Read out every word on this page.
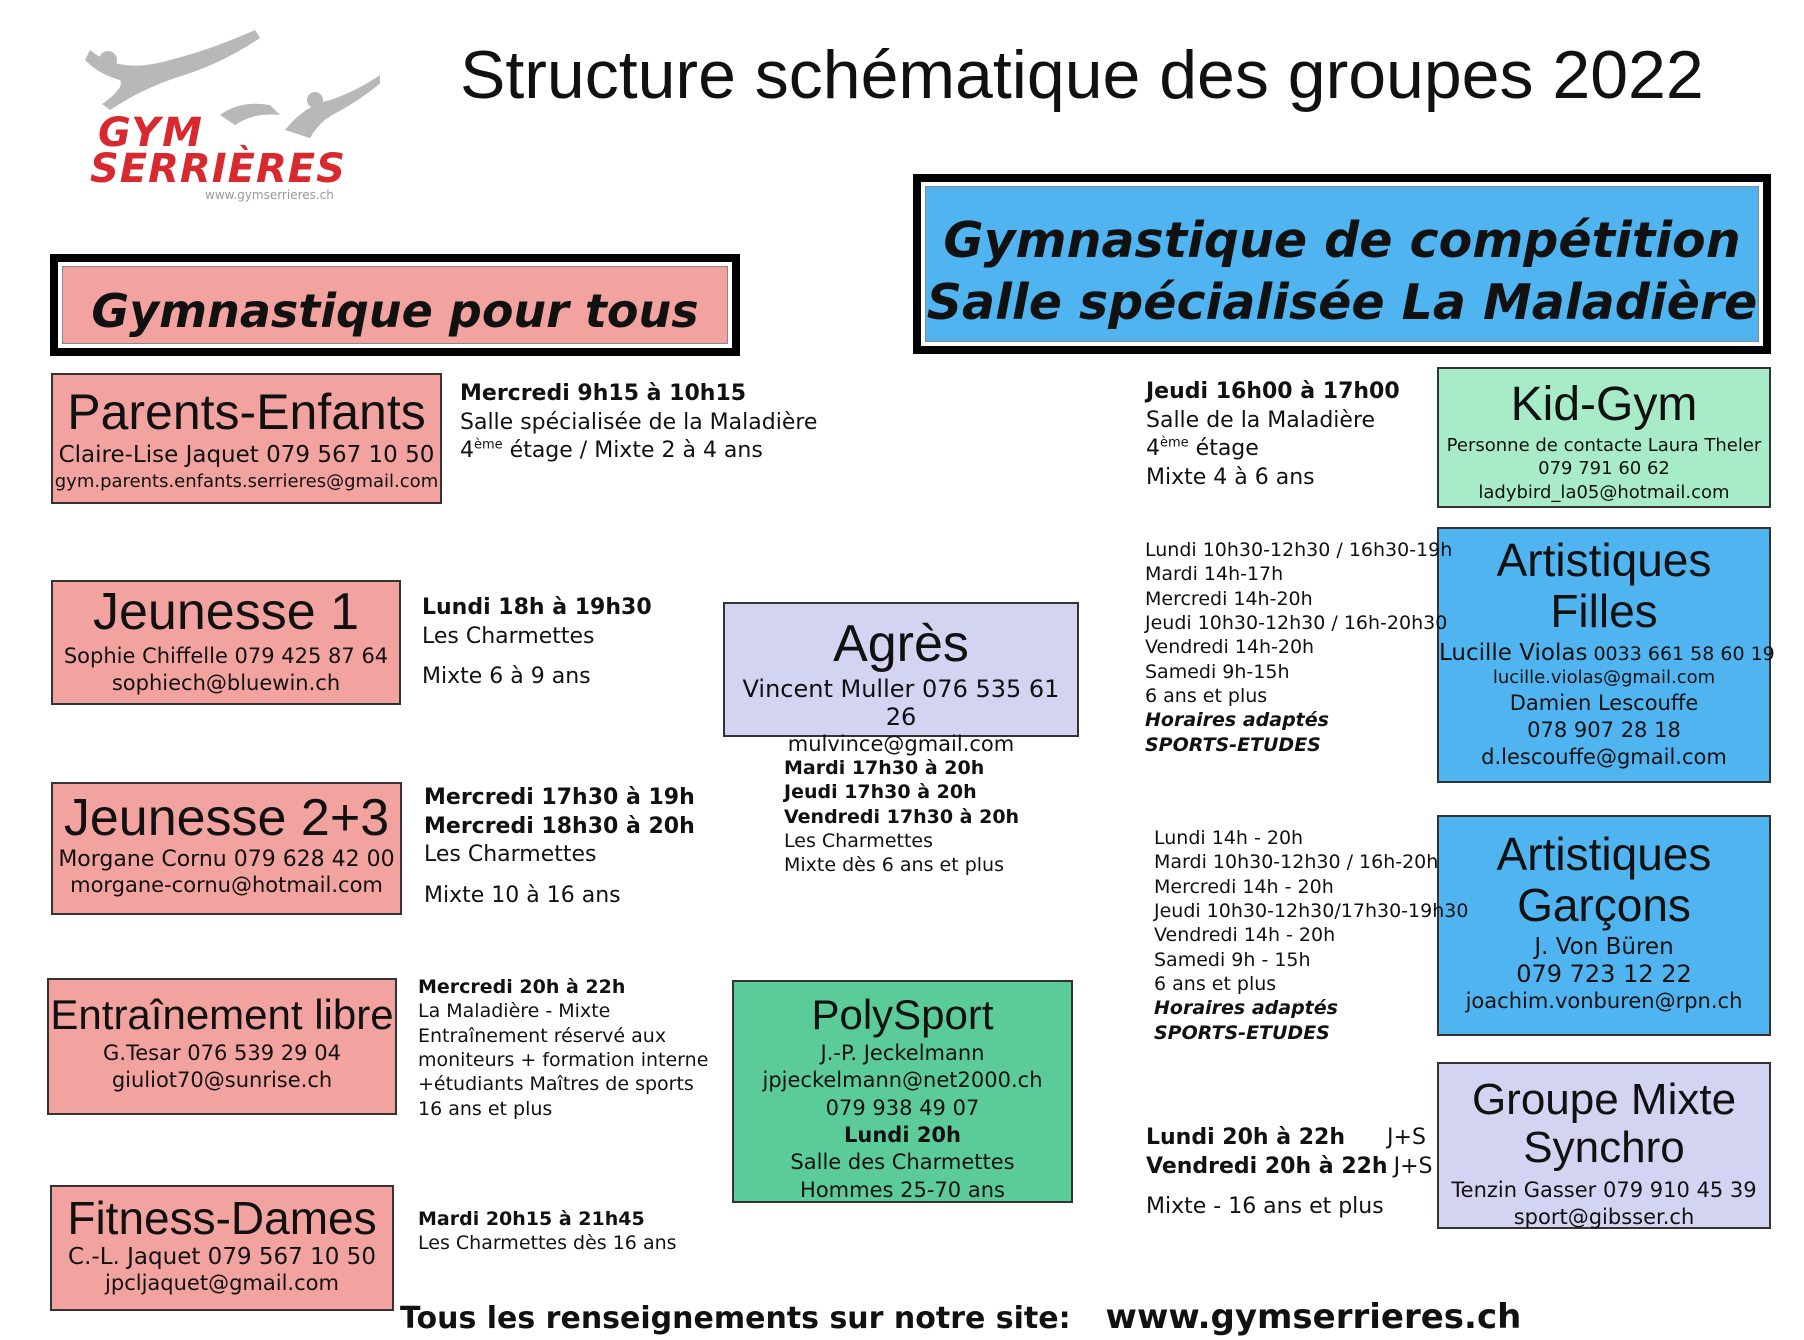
GYM
SERRIÈRES
www.gymserrieres.ch
Structure schématique des groupes 2022
Gymnastique pour tous
Gymnastique de compétition
Salle spécialisée La Maladière
Parents-Enfants
Claire-Lise Jaquet 079 567 10 50
gym.parents.enfants.serrieres@gmail.com
Mercredi 9h15 à 10h15
Salle spécialisée de la Maladière
4ème étage / Mixte 2 à 4 ans
Jeunesse 1
Sophie Chiffelle 079 425 87 64
sophiech@bluewin.ch
Lundi 18h à 19h30
Les Charmettes
Mixte 6 à 9 ans
Jeunesse 2+3
Morgane Cornu 079 628 42 00
morgane-cornu@hotmail.com
Mercredi 17h30 à 19h
Mercredi 18h30 à 20h
Les Charmettes
Mixte 10 à 16 ans
Entraînement libre
G.Tesar 076 539 29 04
giuliot70@sunrise.ch
Mercredi 20h à 22h
La Maladière - Mixte
Entraînement réservé aux
moniteurs + formation interne
+étudiants Maîtres de sports
16 ans et plus
Fitness-Dames
C.-L. Jaquet 079 567 10 50
jpcljaquet@gmail.com
Mardi 20h15 à 21h45
Les Charmettes dès 16 ans
Agrès
Vincent Muller 076 535 61 26
mulvince@gmail.com
Mardi 17h30 à 20h
Jeudi 17h30 à 20h
Vendredi 17h30 à 20h
Les Charmettes
Mixte dès 6 ans et plus
PolySport
J.-P. Jeckelmann
jpjeckelmann@net2000.ch
079 938 49 07
Lundi 20h
Salle des Charmettes
Hommes 25-70 ans
Kid-Gym
Personne de contacte Laura Theler
079 791 60 62
ladybird_la05@hotmail.com
Jeudi 16h00 à 17h00
Salle de la Maladière
4ème étage
Mixte 4 à 6 ans
Artistiques
Filles
Lucille Violas 0033 661 58 60 19
lucille.violas@gmail.com
Damien Lescouffe
078 907 28 18
d.lescouffe@gmail.com
Lundi 10h30-12h30 / 16h30-19h
Mardi 14h-17h
Mercredi 14h-20h
Jeudi 10h30-12h30 / 16h-20h30
Vendredi 14h-20h
Samedi 9h-15h
6 ans et plus
Horaires adaptés
SPORTS-ETUDES
Artistiques
Garçons
J. Von Büren
079 723 12 22
joachim.vonburen@rpn.ch
Lundi 14h - 20h
Mardi 10h30-12h30 / 16h-20h
Mercredi 14h - 20h
Jeudi 10h30-12h30/17h30-19h30
Vendredi 14h - 20h
Samedi 9h - 15h
6 ans et plus
Horaires adaptés
SPORTS-ETUDES
Groupe Mixte
Synchro
Tenzin Gasser 079 910 45 39
sport@gibsser.ch
Lundi 20h à 22h J+S
Vendredi 20h à 22h J+S
Mixte - 16 ans et plus
Tous les renseignements sur notre site: www.gymserrieres.ch
